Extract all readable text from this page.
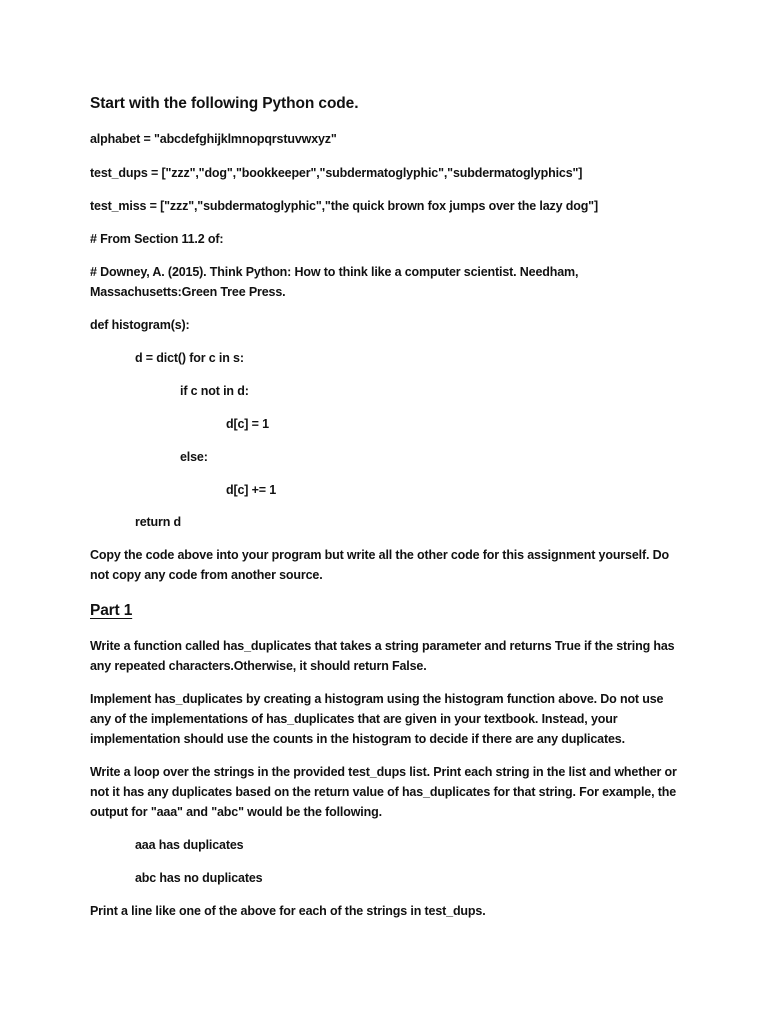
Start with the following Python code.
alphabet = "abcdefghijklmnopqrstuvwxyz"
test_dups = ["zzz","dog","bookkeeper","subdermatoglyphic","subdermatoglyphics"]
test_miss = ["zzz","subdermatoglyphic","the quick brown fox jumps over the lazy dog"]
# From Section 11.2 of:
# Downey, A. (2015). Think Python: How to think like a computer scientist. Needham,
Massachusetts:Green Tree Press.
def histogram(s):
d = dict() for c in s:
if c not in d:
d[c] = 1
else:
d[c] += 1
return d
Copy the code above into your program but write all the other code for this assignment yourself. Do
not copy any code from another source.
Part 1
Write a function called has_duplicates that takes a string parameter and returns True if the string has
any repeated characters.Otherwise, it should return False.
Implement has_duplicates by creating a histogram using the histogram function above. Do not use
any of the implementations of has_duplicates that are given in your textbook. Instead, your
implementation should use the counts in the histogram to decide if there are any duplicates.
Write a loop over the strings in the provided test_dups list. Print each string in the list and whether or
not it has any duplicates based on the return value of has_duplicates for that string. For example, the
output for "aaa" and "abc" would be the following.
aaa has duplicates
abc has no duplicates
Print a line like one of the above for each of the strings in test_dups.
